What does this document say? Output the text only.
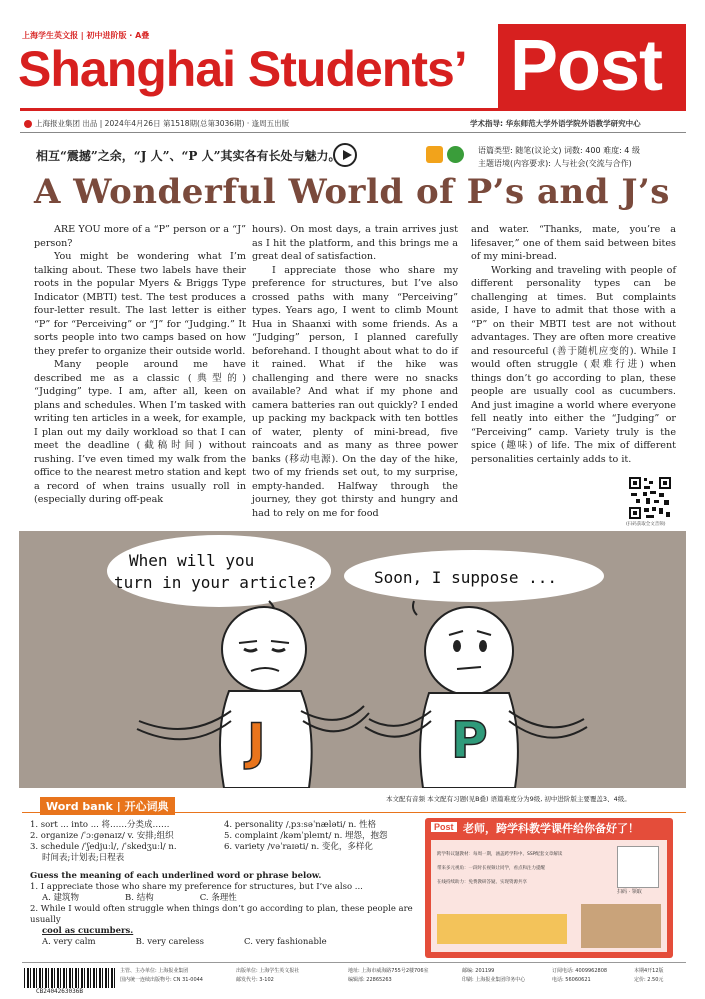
上海学生英文报 | 初中进阶版 · A叠
Shanghai Students’ Post
上海报业集团 出品 | 2024年4月26日 第1518期(总第3036期) · 逢周五出版	学术指导: 华东师范大学外语学院外语教学研究中心
相互“震撼”之余，“J 人”、“P 人”其实各有长处与魅力。	语篇类型: 随笔(议论文) 词数: 400 难度: 4 级
主题语境(内容要求): 人与社会(交流与合作)
A Wonderful World of P’s and J’s

ARE YOU more of a “P” person or a “J” person?

You might be wondering what I’m talking about. These two labels have their roots in the popular Myers & Briggs Type Indicator (MBTI) test. The test produces a four-letter result. The last letter is either “P” for “Perceiving” or “J” for “Judging.” It sorts people into two camps based on how they prefer to organize their outside world.

Many people around me have described me as a classic (典型的) “Judging” type. I am, after all, keen on plans and schedules. When I’m tasked with writing ten articles in a week, for example, I plan out my daily workload so that I can meet the deadline (截稿时间) without rushing. I’ve even timed my walk from the office to the nearest metro station and kept a record of when trains usually roll in (especially during off-peak

hours). On most days, a train arrives just as I hit the platform, and this brings me a great deal of satisfaction.

I appreciate those who share my preference for structures, but I’ve also crossed paths with many “Perceiving” types. Years ago, I went to climb Mount Hua in Shaanxi with some friends. As a “Judging” person, I planned carefully beforehand. I thought about what to do if it rained. What if the hike was challenging and there were no snacks available? And what if my phone and camera batteries ran out quickly? I ended up packing my backpack with ten bottles of water, plenty of mini-bread, five raincoats and as many as three power banks (移动电源). On the day of the hike, two of my friends set out, to my surprise, empty-handed. Halfway through the journey, they got thirsty and hungry and had to rely on me for food

and water. “Thanks, mate, you’re a lifesaver,” one of them said between bites of my mini-bread.

Working and traveling with people of different personality types can be challenging at times. But complaints aside, I have to admit that those with a “P” on their MBTI test are not without advantages. They are often more creative and resourceful (善于随机应变的). While I would often struggle (艰难行进) when things don’t go according to plan, these people are usually cool as cucumbers. And just imagine a world where everyone fell neatly into either the “Judging” or “Perceiving” camp. Variety truly is the spice (趣味) of life. The mix of different personalities certainly adds to it.

(扫码获取全文音频)
J	P
When will you
turn in your article?	Soon, I suppose ...
本文配有音频 本文配有习题(见B叠) 语篇难度分为9级, 初中进阶版主要覆盖3、4级。
Word bank | 开心词典
1. sort ... into ... 将……分类成……
2. organize /ˈɔːɡənaɪz/ v. 安排;组织
3. schedule /ˈʃedjuːl/, /ˈskedʒuːl/ n.
时间表;计划表;日程表
4. personality /ˌpɜːsəˈnæləti/ n. 性格
5. complaint /kəmˈpleɪnt/ n. 埋怨，抱怨
6. variety /vəˈraɪəti/ n. 变化，多样化
Guess the meaning of each underlined word or phrase below.
1. I appreciate those who share my preference for structures, but I’ve also ...
A. 建筑物	B. 结构	C. 条理性
2. While I would often struggle when things don’t go according to plan, these people are usually
cool as cucumbers.
A. very calm	B. very careless	C. very fashionable
Post 老师，跨学科教学课件给你备好了！
跨学科议题教材：每周一期，涵盖跨学科中、SSP配套文章解读
带来多元视角：一段时长视频让同学，看点和注力提醒
在线持续助力：免费教研答疑、实现资源共享
扫码 · 领取
CB2404263036B
主管、主办单位: 上海报业集团
国内统一连续出版物号: CN 31-0044
出版单位: 上海学生英文报社
邮发代号: 3-102
地址: 上海市威海路755号2楼706室
编辑部: 22865263
邮编: 201199
印刷: 上海报业集团印务中心
订阅电话: 4009962808
电话: 56060621
本期4开12版
定价: 2.50元
